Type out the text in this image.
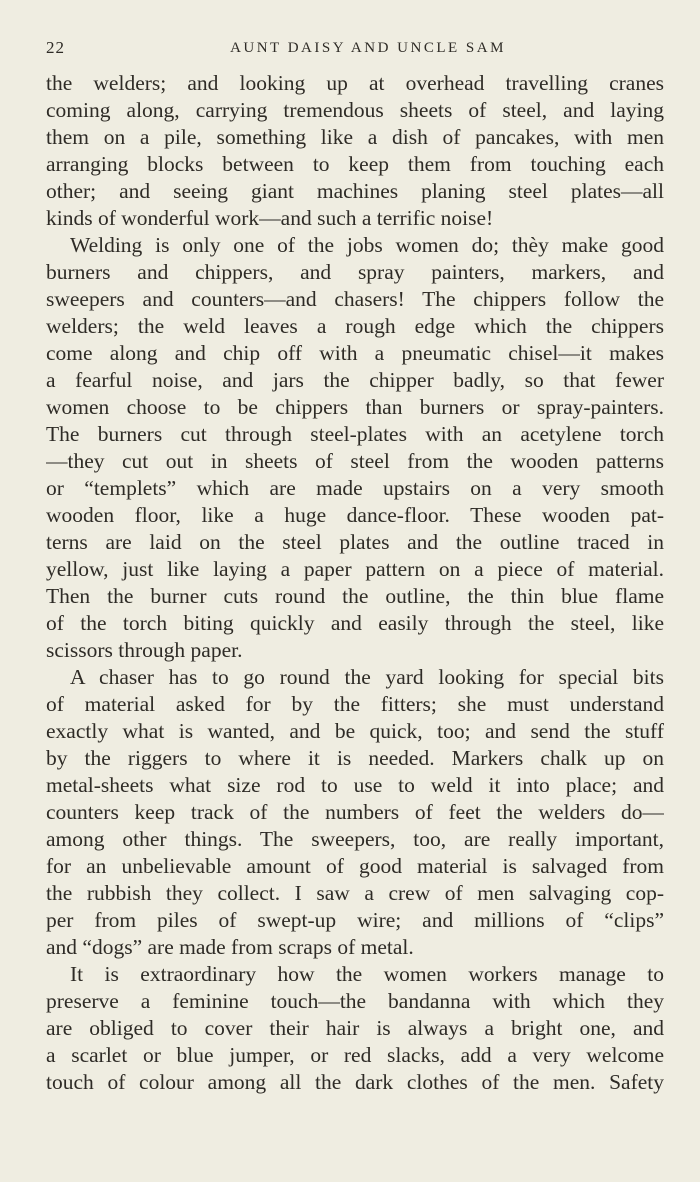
22	AUNT DAISY AND UNCLE SAM
the welders; and looking up at overhead travelling cranes
coming along, carrying tremendous sheets of steel, and laying
them on a pile, something like a dish of pancakes, with men
arranging blocks between to keep them from touching each
other; and seeing giant machines planing steel plates—all
kinds of wonderful work—and such a terrific noise!
Welding is only one of the jobs women do; thèy make good
burners and chippers, and spray painters, markers, and
sweepers and counters—and chasers! The chippers follow the
welders; the weld leaves a rough edge which the chippers
come along and chip off with a pneumatic chisel—it makes
a fearful noise, and jars the chipper badly, so that fewer
women choose to be chippers than burners or spray-painters.
The burners cut through steel-plates with an acetylene torch
—they cut out in sheets of steel from the wooden patterns
or “templets” which are made upstairs on a very smooth
wooden floor, like a huge dance-floor. These wooden pat-
terns are laid on the steel plates and the outline traced in
yellow, just like laying a paper pattern on a piece of material.
Then the burner cuts round the outline, the thin blue flame
of the torch biting quickly and easily through the steel, like
scissors through paper.
A chaser has to go round the yard looking for special bits
of material asked for by the fitters; she must understand
exactly what is wanted, and be quick, too; and send the stuff
by the riggers to where it is needed. Markers chalk up on
metal-sheets what size rod to use to weld it into place; and
counters keep track of the numbers of feet the welders do—
among other things. The sweepers, too, are really important,
for an unbelievable amount of good material is salvaged from
the rubbish they collect. I saw a crew of men salvaging cop-
per from piles of swept-up wire; and millions of “clips”
and “dogs” are made from scraps of metal.
It is extraordinary how the women workers manage to
preserve a feminine touch—the bandanna with which they
are obliged to cover their hair is always a bright one, and
a scarlet or blue jumper, or red slacks, add a very welcome
touch of colour among all the dark clothes of the men. Safety
